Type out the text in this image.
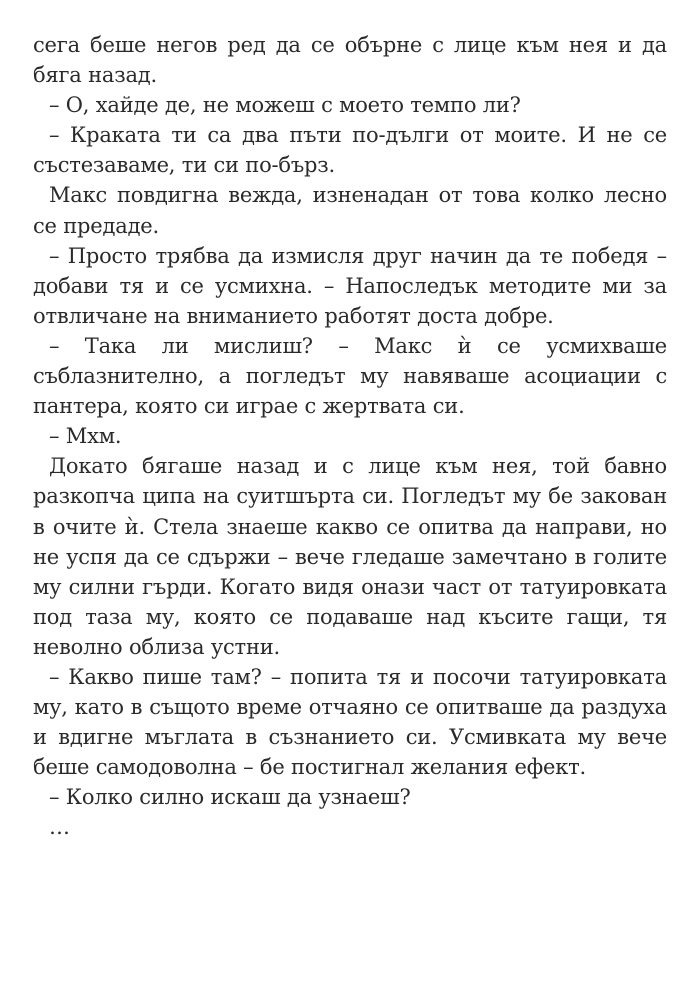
сега беше негов ред да се обърне с лице към нея и да бяга назад.

– О, хайде де, не можеш с моето темпо ли?

– Краката ти са два пъти по-дълги от моите. И не се състезаваме, ти си по-бърз.

Макс повдигна вежда, изненадан от това колко лесно се предаде.

– Просто трябва да измисля друг начин да те победя – добави тя и се усмихна. – Напоследък методите ми за отвличане на вниманието работят доста добре.

– Така ли мислиш? – Макс ѝ се усмихваше съблазнително, а погледът му навяваше асоциации с пантера, която си играе с жертвата си.

– Мхм.

Докато бягаше назад и с лице към нея, той бавно разкопча ципа на суитшърта си. Погледът му бе закован в очите ѝ. Стела знаеше какво се опитва да направи, но не успя да се сдържи – вече гледаше замечтано в голите му силни гърди. Когато видя онази част от татуировката под таза му, която се подаваше над късите гащи, тя неволно облиза устни.

– Какво пише там? – попита тя и посочи татуировката му, като в същото време отчаяно се опитваше да раздуха и вдигне мъглата в съзнанието си. Усмивката му вече беше самодоволна – бе постигнал желания ефект.

– Колко силно искаш да узнаеш?

…
